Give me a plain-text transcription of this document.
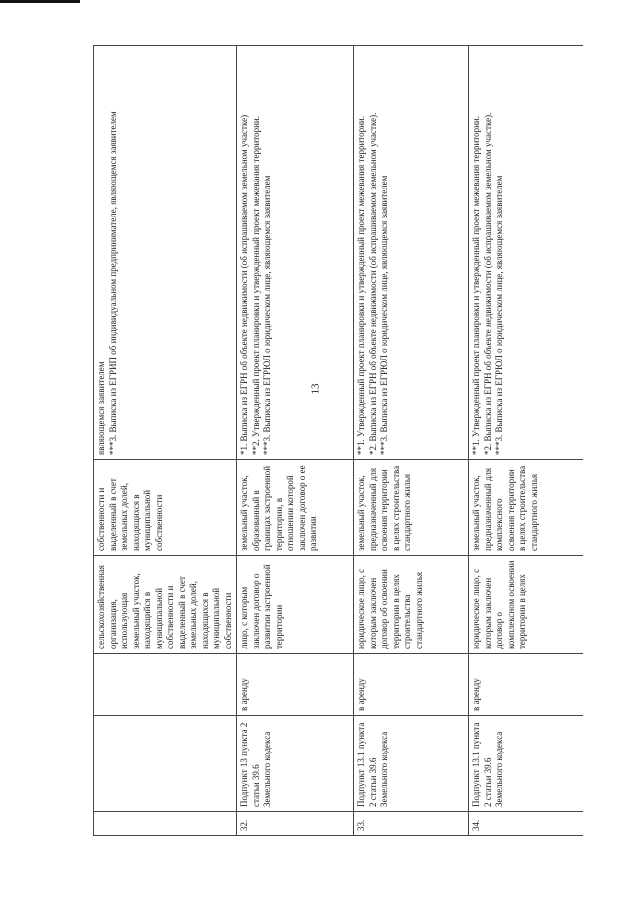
13
			сельскохозяйственная организация, использующая земельный участок, находящийся в муниципальной собственности и выделенный в счет земельных долей, находящихся в муниципальной собственности	собственности и выделенный в счет земельных долей, находящихся в муниципальной собственности	являющемся заявителем ***3. Выписка из ЕГРИП об индивидуальном предпринимателе, являющемся заявителем

32.	Подпункт 13 пункта 2 статьи 39.6 Земельного кодекса	в аренду	лицо, с которым заключен договор о развитии застроенной территории	земельный участок, образованный в границах застроенной территории, в отношении которой заключен договор о ее развитии	*1. Выписка из ЕГРН об объекте недвижимости (об испрашиваемом земельном участке) **2. Утвержденный проект планировки и утвержденный проект межевания территории. ***3. Выписка из ЕГРЮЛ о юридическом лице, являющемся заявителем

33.	Подпункт 13.1 пункта 2 статьи 39.6 Земельного кодекса	в аренду	юридическое лицо, с которым заключен договор об освоении территории в целях строительства стандартного жилья	земельный участок, предназначенный для освоения территории в целях строительства стандартного жилья	**1. Утвержденный проект планировки и утвержденный проект межевания территории. *2. Выписка из ЕГРН об объекте недвижимости (об испрашиваемом земельном участке). ***3. Выписка из ЕГРЮЛ о юридическом лице, являющемся заявителем

34.	Подпункт 13.1 пункта 2 статьи 39.6 Земельного кодекса	в аренду	юридическое лицо, с которым заключен договор о комплексном освоении территории в целях	земельный участок, предназначенный для комплексного освоения территории в целях строительства стандартного жилья	**1. Утвержденный проект планировки и утвержденный проект межевания территории. *2. Выписка из ЕГРН об объекте недвижимости (об испрашиваемом земельном участке). ***3. Выписка из ЕГРЮЛ о юридическом лице, являющемся заявителем
